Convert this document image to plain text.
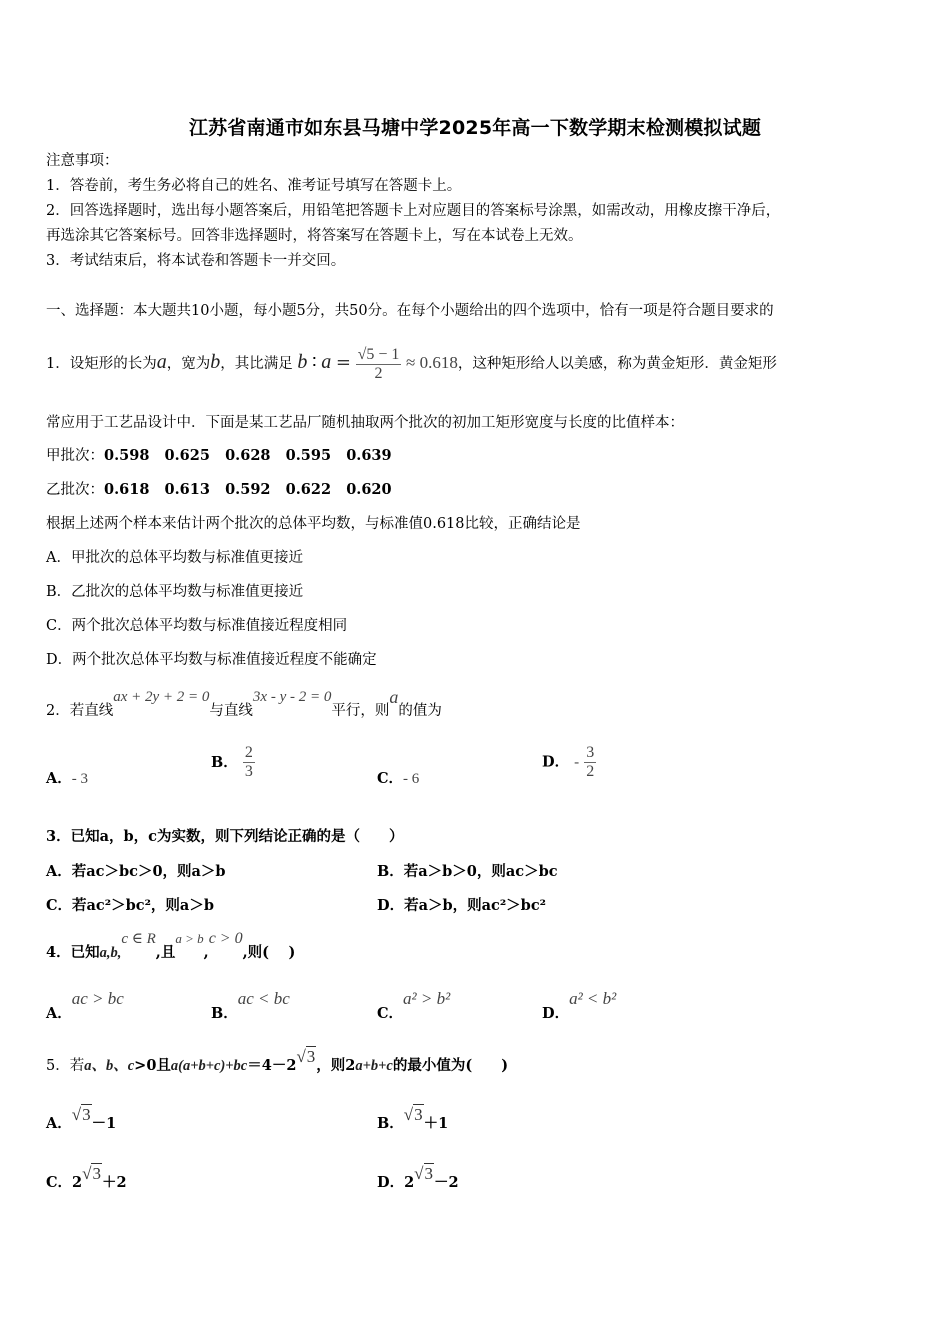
江苏省南通市如东县马塘中学2025年高一下数学期末检测模拟试题
注意事项：
1．答卷前，考生务必将自己的姓名、准考证号填写在答题卡上。
2．回答选择题时，选出每小题答案后，用铅笔把答题卡上对应题目的答案标号涂黑，如需改动，用橡皮擦干净后，
再选涂其它答案标号。回答非选择题时，将答案写在答题卡上，写在本试卷上无效。
3．考试结束后，将本试卷和答题卡一并交回。
一、选择题：本大题共10小题，每小题5分，共50分。在每个小题给出的四个选项中，恰有一项是符合题目要求的
1．设矩形的长为a，宽为b，其比满足 b ∶ $a = \frac{√5 - 1}{2} \approx 0.618$，这种矩形给人以美感，称为黄金矩形．黄金矩形
常应用于工艺品设计中．下面是某工艺品厂随机抽取两个批次的初加工矩形宽度与长度的比值样本：
甲批次：0.598   0.625   0.628   0.595   0.639
乙批次：0.618   0.613   0.592   0.622   0.620
根据上述两个样本来估计两个批次的总体平均数，与标准值0.618比较，正确结论是
A．甲批次的总体平均数与标准值更接近
B．乙批次的总体平均数与标准值更接近
C．两个批次总体平均数与标准值接近程度相同
D．两个批次总体平均数与标准值接近程度不能确定
2．若直线ax + 2y + 2 = 0与直线3x - y - 2 = 0平行，则a的值为
A．- 3
B． $\frac{2}{3}$	C．- 6
D． - $\frac{3}{2}$
3．已知a，b，c为实数，则下列结论正确的是（　　）
A．若ac＞bc＞0，则a＞b	B．若a＞b＞0，则ac＞bc
C．若ac²＞bc²，则a＞b	D．若a＞b，则ac²＞bc²
4．已知a,b,c ∈ R,且a > b,c > 0,则(　 )
A．ac > bc
B．ac < bc
C．a² > b²
D．a² < b²
5．若a、b、c>0且a(a+b+c)+bc＝4－2√3，则2a+b+c的最小值为(　　)
A．√3－1	B．√3＋1
C．2√3＋2	D．2√3－2
